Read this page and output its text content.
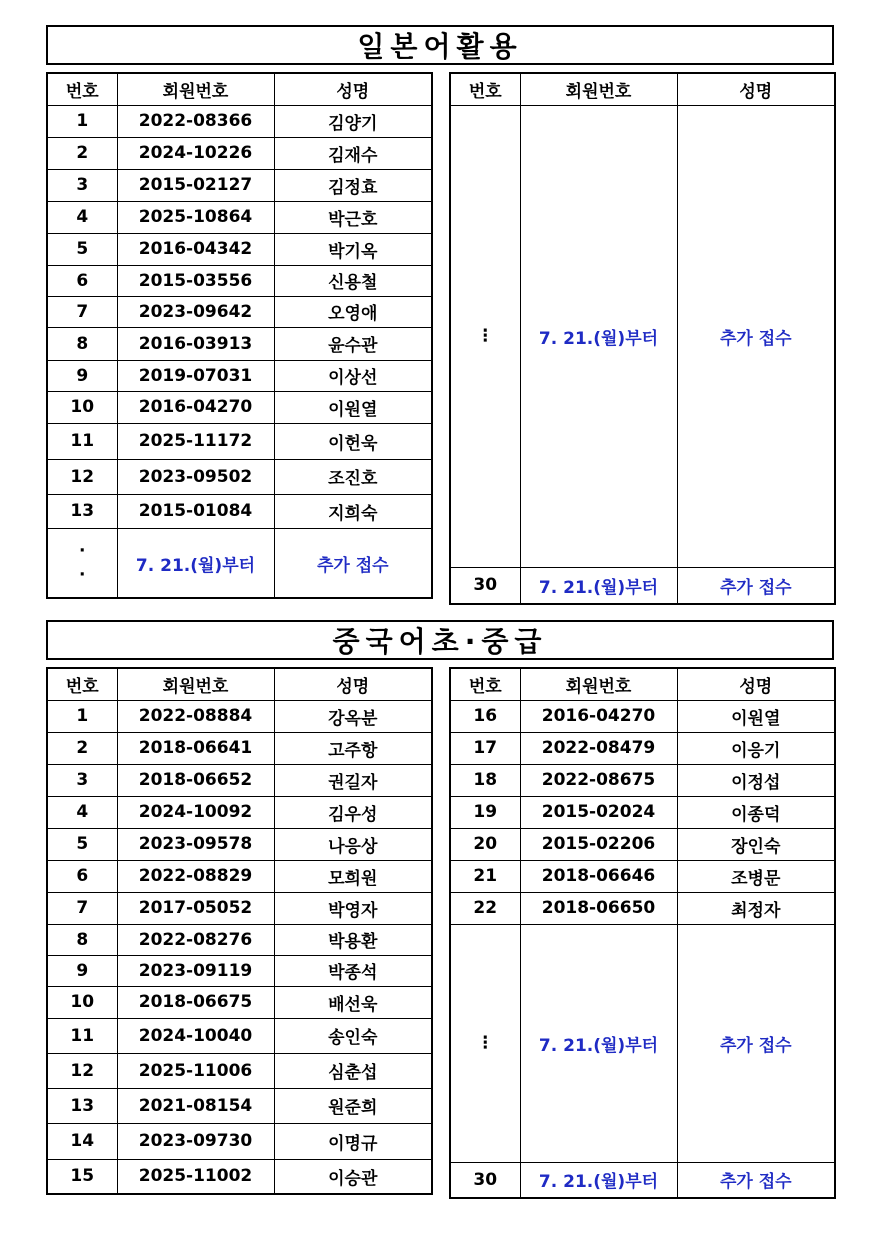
일본어활용
번호	회원번호	성명
1	2022-08366	김양기
2	2024-10226	김재수
3	2015-02127	김정효
4	2025-10864	박근호
5	2016-04342	박기옥
6	2015-03556	신용철
7	2023-09642	오영애
8	2016-03913	윤수관
9	2019-07031	이상선
10	2016-04270	이원열
11	2025-11172	이헌욱
12	2023-09502	조진호
13	2015-01084	지희숙
·
·	7. 21.(월)부터	추가 접수
번호	회원번호	성명
⋮	7. 21.(월)부터	추가 접수
30	7. 21.(월)부터	추가 접수
중국어초·중급
번호	회원번호	성명
1	2022-08884	강옥분
2	2018-06641	고주항
3	2018-06652	권길자
4	2024-10092	김우성
5	2023-09578	나응상
6	2022-08829	모희원
7	2017-05052	박영자
8	2022-08276	박용환
9	2023-09119	박종석
10	2018-06675	배선욱
11	2024-10040	송인숙
12	2025-11006	심춘섭
13	2021-08154	원준희
14	2023-09730	이명규
15	2025-11002	이승관
번호	회원번호	성명
16	2016-04270	이원열
17	2022-08479	이응기
18	2022-08675	이정섭
19	2015-02024	이종덕
20	2015-02206	장인숙
21	2018-06646	조병문
22	2018-06650	최정자
⋮	7. 21.(월)부터	추가 접수
30	7. 21.(월)부터	추가 접수
